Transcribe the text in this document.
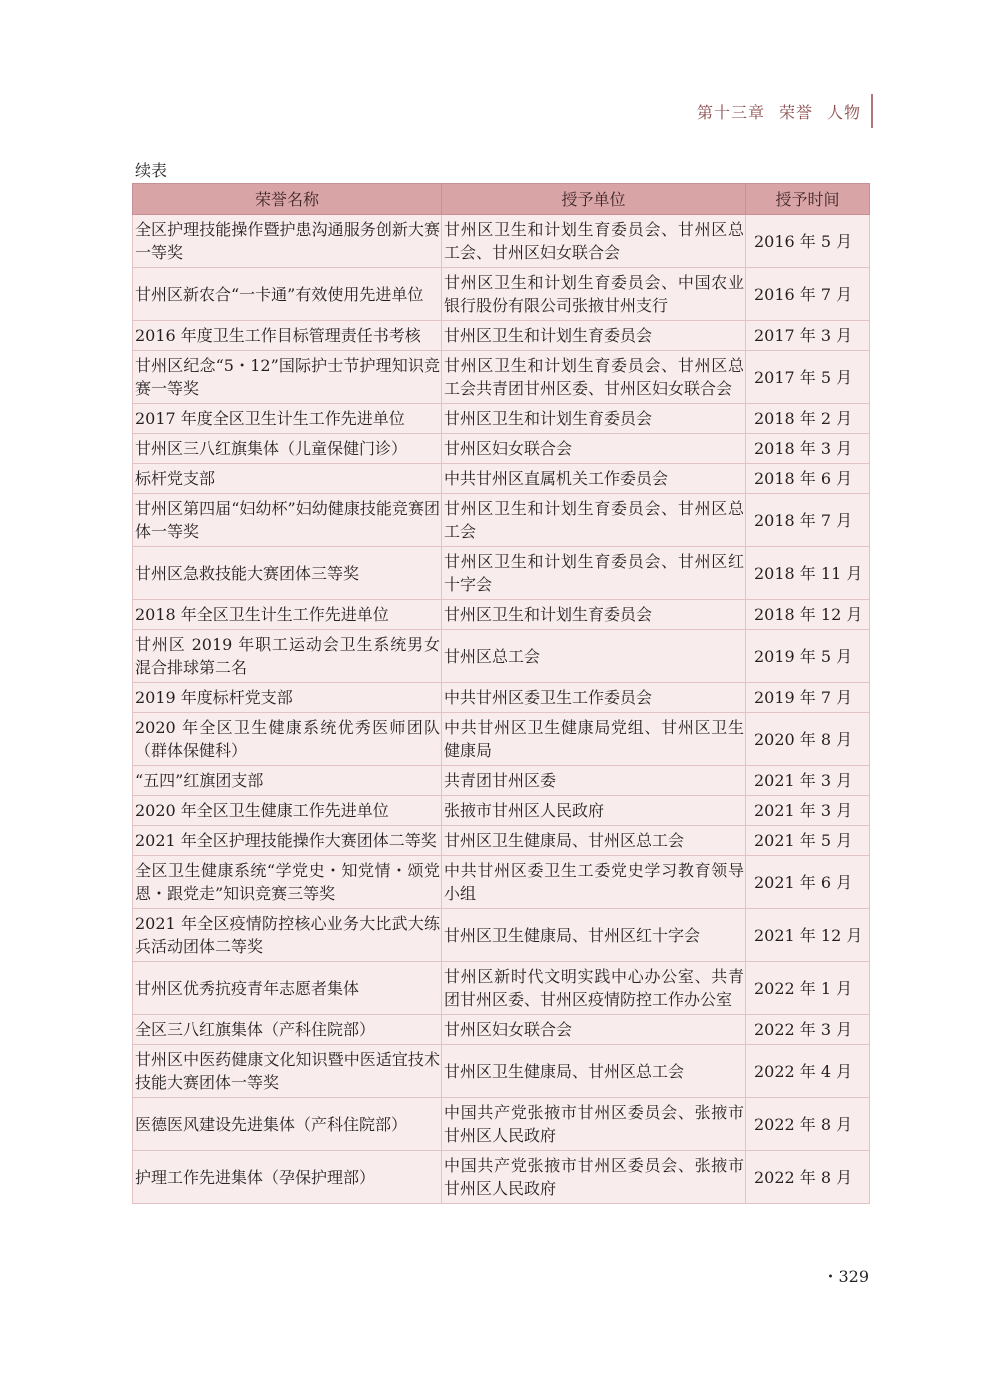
第十三章 荣誉 人物
续表
荣誉名称	授予单位	授予时间
全区护理技能操作暨护患沟通服务创新大赛一等奖	甘州区卫生和计划生育委员会、甘州区总工会、甘州区妇女联合会	2016 年 5 月
甘州区新农合“一卡通”有效使用先进单位	甘州区卫生和计划生育委员会、中国农业银行股份有限公司张掖甘州支行	2016 年 7 月
2016 年度卫生工作目标管理责任书考核	甘州区卫生和计划生育委员会	2017 年 3 月
甘州区纪念“5・12”国际护士节护理知识竞赛一等奖	甘州区卫生和计划生育委员会、甘州区总工会共青团甘州区委、甘州区妇女联合会	2017 年 5 月
2017 年度全区卫生计生工作先进单位	甘州区卫生和计划生育委员会	2018 年 2 月
甘州区三八红旗集体（儿童保健门诊）	甘州区妇女联合会	2018 年 3 月
标杆党支部	中共甘州区直属机关工作委员会	2018 年 6 月
甘州区第四届“妇幼杯”妇幼健康技能竞赛团体一等奖	甘州区卫生和计划生育委员会、甘州区总工会	2018 年 7 月
甘州区急救技能大赛团体三等奖	甘州区卫生和计划生育委员会、甘州区红十字会	2018 年 11 月
2018 年全区卫生计生工作先进单位	甘州区卫生和计划生育委员会	2018 年 12 月
甘州区 2019 年职工运动会卫生系统男女混合排球第二名	甘州区总工会	2019 年 5 月
2019 年度标杆党支部	中共甘州区委卫生工作委员会	2019 年 7 月
2020 年全区卫生健康系统优秀医师团队（群体保健科）	中共甘州区卫生健康局党组、甘州区卫生健康局	2020 年 8 月
“五四”红旗团支部	共青团甘州区委	2021 年 3 月
2020 年全区卫生健康工作先进单位	张掖市甘州区人民政府	2021 年 3 月
2021 年全区护理技能操作大赛团体二等奖	甘州区卫生健康局、甘州区总工会	2021 年 5 月
全区卫生健康系统“学党史・知党情・颂党恩・跟党走”知识竞赛三等奖	中共甘州区委卫生工委党史学习教育领导小组	2021 年 6 月
2021 年全区疫情防控核心业务大比武大练兵活动团体二等奖	甘州区卫生健康局、甘州区红十字会	2021 年 12 月
甘州区优秀抗疫青年志愿者集体	甘州区新时代文明实践中心办公室、共青团甘州区委、甘州区疫情防控工作办公室	2022 年 1 月
全区三八红旗集体（产科住院部）	甘州区妇女联合会	2022 年 3 月
甘州区中医药健康文化知识暨中医适宜技术技能大赛团体一等奖	甘州区卫生健康局、甘州区总工会	2022 年 4 月
医德医风建设先进集体（产科住院部）	中国共产党张掖市甘州区委员会、张掖市甘州区人民政府	2022 年 8 月
护理工作先进集体（孕保护理部）	中国共产党张掖市甘州区委员会、张掖市甘州区人民政府	2022 年 8 月
・329
